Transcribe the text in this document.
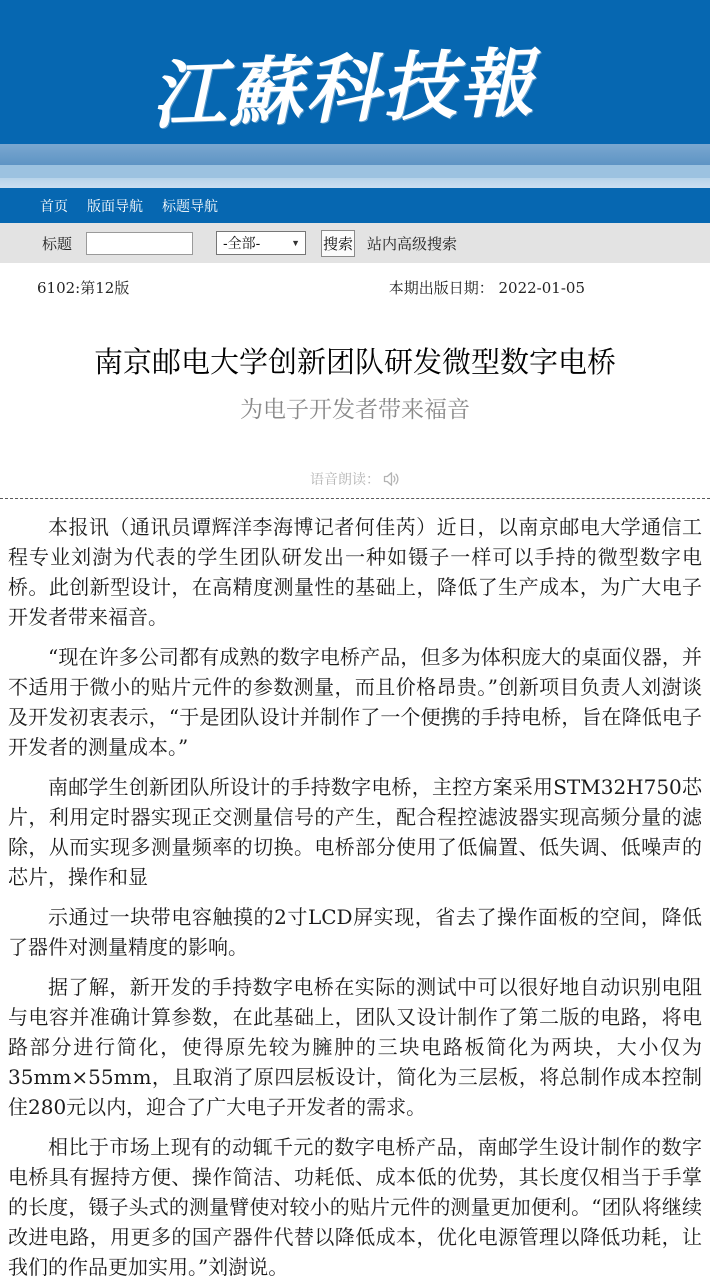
江蘇科技報
首页 版面导航 标题导航
标题	-全部-	▼ 搜索 站内高级搜索
6102:第12版	本期出版日期： 2022-01-05
南京邮电大学创新团队研发微型数字电桥
为电子开发者带来福音
语音朗读：

本报讯（通讯员谭辉洋李海博记者何佳芮）近日，以南京邮电大学通信工程专业刘澍为代表的学生团队研发出一种如镊子一样可以手持的微型数字电桥。此创新型设计，在高精度测量性的基础上，降低了生产成本，为广大电子开发者带来福音。

“现在许多公司都有成熟的数字电桥产品，但多为体积庞大的桌面仪器，并不适用于微小的贴片元件的参数测量，而且价格昂贵。”创新项目负责人刘澍谈及开发初衷表示，“于是团队设计并制作了一个便携的手持电桥，旨在降低电子开发者的测量成本。”

南邮学生创新团队所设计的手持数字电桥，主控方案采用STM32H750芯片，利用定时器实现正交测量信号的产生，配合程控滤波器实现高频分量的滤除，从而实现多测量频率的切换。电桥部分使用了低偏置、低失调、低噪声的芯片，操作和显

示通过一块带电容触摸的2寸LCD屏实现，省去了操作面板的空间，降低了器件对测量精度的影响。

据了解，新开发的手持数字电桥在实际的测试中可以很好地自动识别电阻与电容并准确计算参数，在此基础上，团队又设计制作了第二版的电路，将电路部分进行简化，使得原先较为臃肿的三块电路板简化为两块，大小仅为35mm×55mm，且取消了原四层板设计，简化为三层板，将总制作成本控制住280元以内，迎合了广大电子开发者的需求。

相比于市场上现有的动辄千元的数字电桥产品，南邮学生设计制作的数字电桥具有握持方便、操作简洁、功耗低、成本低的优势，其长度仅相当于手掌的长度，镊子头式的测量臂使对较小的贴片元件的测量更加便利。“团队将继续改进电路，用更多的国产器件代替以降低成本，优化电源管理以降低功耗，让我们的作品更加实用。”刘澍说。
